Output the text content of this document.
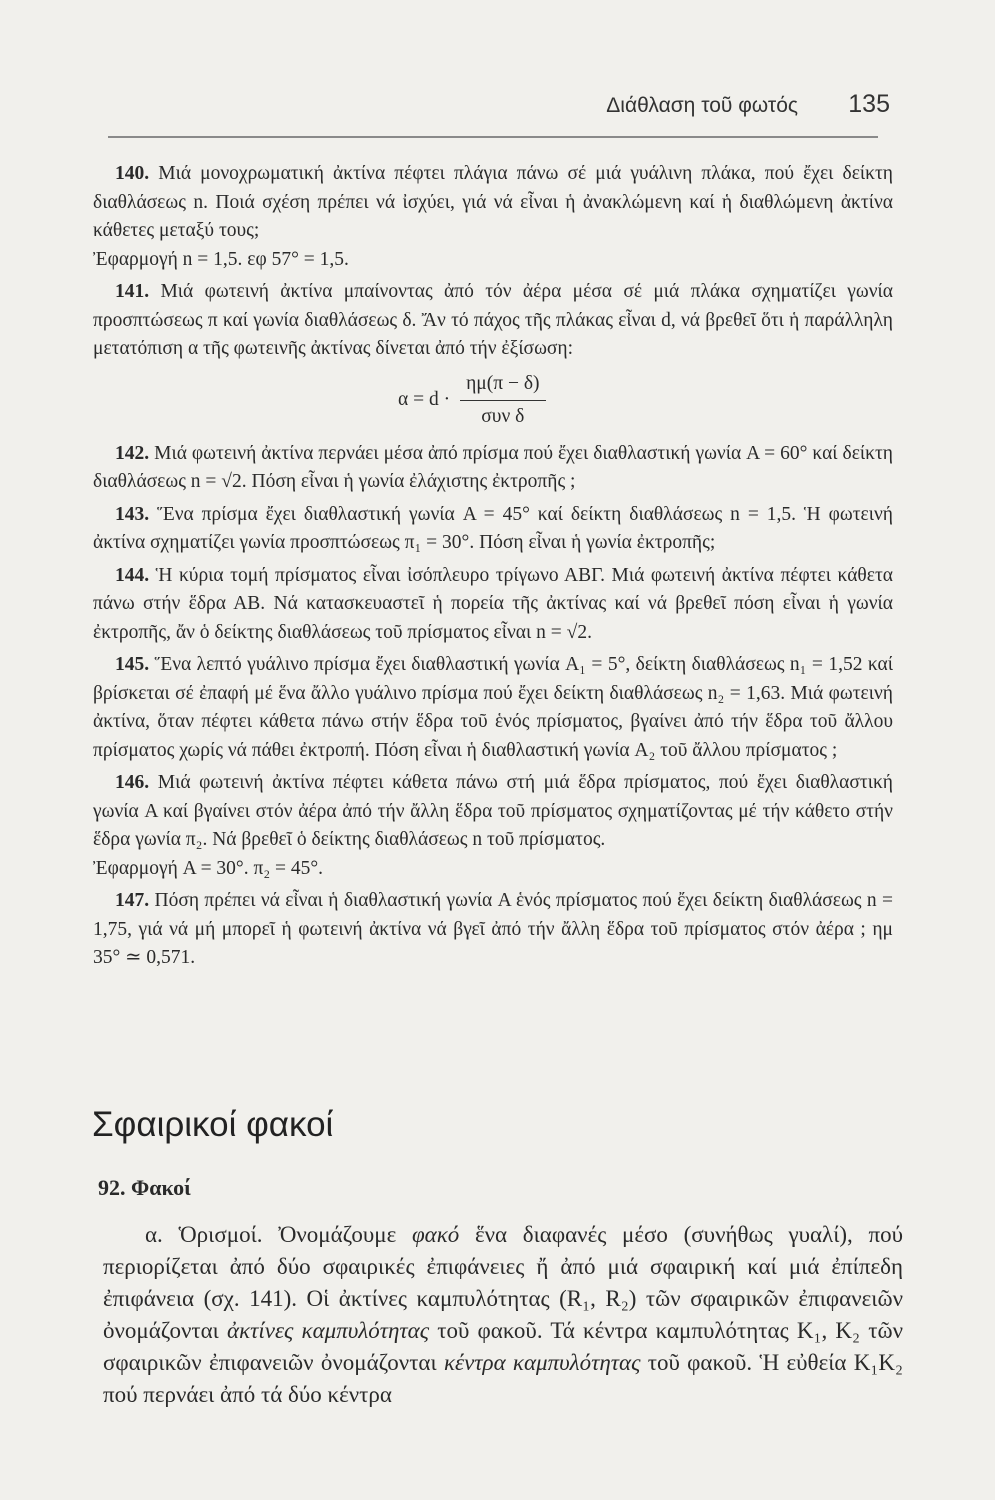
Διάθλαση τοῦ φωτός 135

140. Μιά μονοχρωματική ἀκτίνα πέφτει πλάγια πάνω σέ μιά γυάλινη πλάκα, πού ἔχει δείκτη διαθλάσεως n. Ποιά σχέση πρέπει νά ἰσχύει, γιά νά εἶναι ἡ ἀνακλώμενη καί ἡ διαθλώμενη ἀκτίνα κάθετες μεταξύ τους;
Ἐφαρμογή n = 1,5. εφ 57° = 1,5.

141. Μιά φωτεινή ἀκτίνα μπαίνοντας ἀπό τόν ἀέρα μέσα σέ μιά πλάκα σχηματίζει γωνία προσπτώσεως π καί γωνία διαθλάσεως δ. Ἄν τό πάχος τῆς πλάκας εἶναι d, νά βρεθεῖ ὅτι ἡ παράλληλη μετατόπιση α τῆς φωτεινῆς ἀκτίνας δίνεται ἀπό τήν ἐξίσωση:

$\alpha = d \cdot \frac{\eta\mu(\pi - \delta)}{\text{συν δ}}$

142. Μιά φωτεινή ἀκτίνα περνάει μέσα ἀπό πρίσμα πού ἔχει διαθλαστική γωνία A = 60° καί δείκτη διαθλάσεως n = √2. Πόση εἶναι ἡ γωνία ἐλάχιστης ἐκτροπῆς ;

143. Ἕνα πρίσμα ἔχει διαθλαστική γωνία A = 45° καί δείκτη διαθλάσεως n = 1,5. Ἡ φωτεινή ἀκτίνα σχηματίζει γωνία προσπτώσεως π₁ = 30°. Πόση εἶναι ἡ γωνία ἐκτροπῆς;

144. Ἡ κύρια τομή πρίσματος εἶναι ἰσόπλευρο τρίγωνο ΑΒΓ. Μιά φωτεινή ἀκτίνα πέφτει κάθετα πάνω στήν ἕδρα ΑΒ. Νά κατασκευαστεῖ ἡ πορεία τῆς ἀκτίνας καί νά βρεθεῖ πόση εἶναι ἡ γωνία ἐκτροπῆς, ἄν ὁ δείκτης διαθλάσεως τοῦ πρίσματος εἶναι n = √2.

145. Ἕνα λεπτό γυάλινο πρίσμα ἔχει διαθλαστική γωνία A₁ = 5°, δείκτη διαθλάσεως n₁ = 1,52 καί βρίσκεται σέ ἐπαφή μέ ἕνα ἄλλο γυάλινο πρίσμα πού ἔχει δείκτη διαθλάσεως n₂ = 1,63. Μιά φωτεινή ἀκτίνα, ὅταν πέφτει κάθετα πάνω στήν ἕδρα τοῦ ἑνός πρίσματος, βγαίνει ἀπό τήν ἕδρα τοῦ ἄλλου πρίσματος χωρίς νά πάθει ἐκτροπή. Πόση εἶναι ἡ διαθλαστική γωνία A₂ τοῦ ἄλλου πρίσματος ;

146. Μιά φωτεινή ἀκτίνα πέφτει κάθετα πάνω στή μιά ἕδρα πρίσματος, πού ἔχει διαθλαστική γωνία A καί βγαίνει στόν ἀέρα ἀπό τήν ἄλλη ἕδρα τοῦ πρίσματος σχηματίζοντας μέ τήν κάθετο στήν ἕδρα γωνία π₂. Νά βρεθεῖ ὁ δείκτης διαθλάσεως n τοῦ πρίσματος.
Ἐφαρμογή A = 30°. π₂ = 45°.

147. Πόση πρέπει νά εἶναι ἡ διαθλαστική γωνία A ἑνός πρίσματος πού ἔχει δείκτη διαθλάσεως n = 1,75, γιά νά μή μπορεῖ ἡ φωτεινή ἀκτίνα νά βγεῖ ἀπό τήν ἄλλη ἕδρα τοῦ πρίσματος στόν ἀέρα ; ημ 35° ≃ 0,571.

Σφαιρικοί φακοί
92. Φακοί

α. Ὁρισμοί. Ὀνομάζουμε φακό ἕνα διαφανές μέσο (συνήθως γυαλί), πού περιορίζεται ἀπό δύο σφαιρικές ἐπιφάνειες ἤ ἀπό μιά σφαιρική καί μιά ἐπίπεδη ἐπιφάνεια (σχ. 141). Οἱ ἀκτίνες καμπυλότητας (R₁, R₂) τῶν σφαιρικῶν ἐπιφανειῶν ὀνομάζονται ἀκτίνες καμπυλότητας τοῦ φακοῦ. Τά κέντρα καμπυλότητας K₁, K₂ τῶν σφαιρικῶν ἐπιφανειῶν ὀνομάζονται κέντρα καμπυλότητας τοῦ φακοῦ. Ἡ εὐθεία K₁K₂ πού περνάει ἀπό τά δύο κέντρα
